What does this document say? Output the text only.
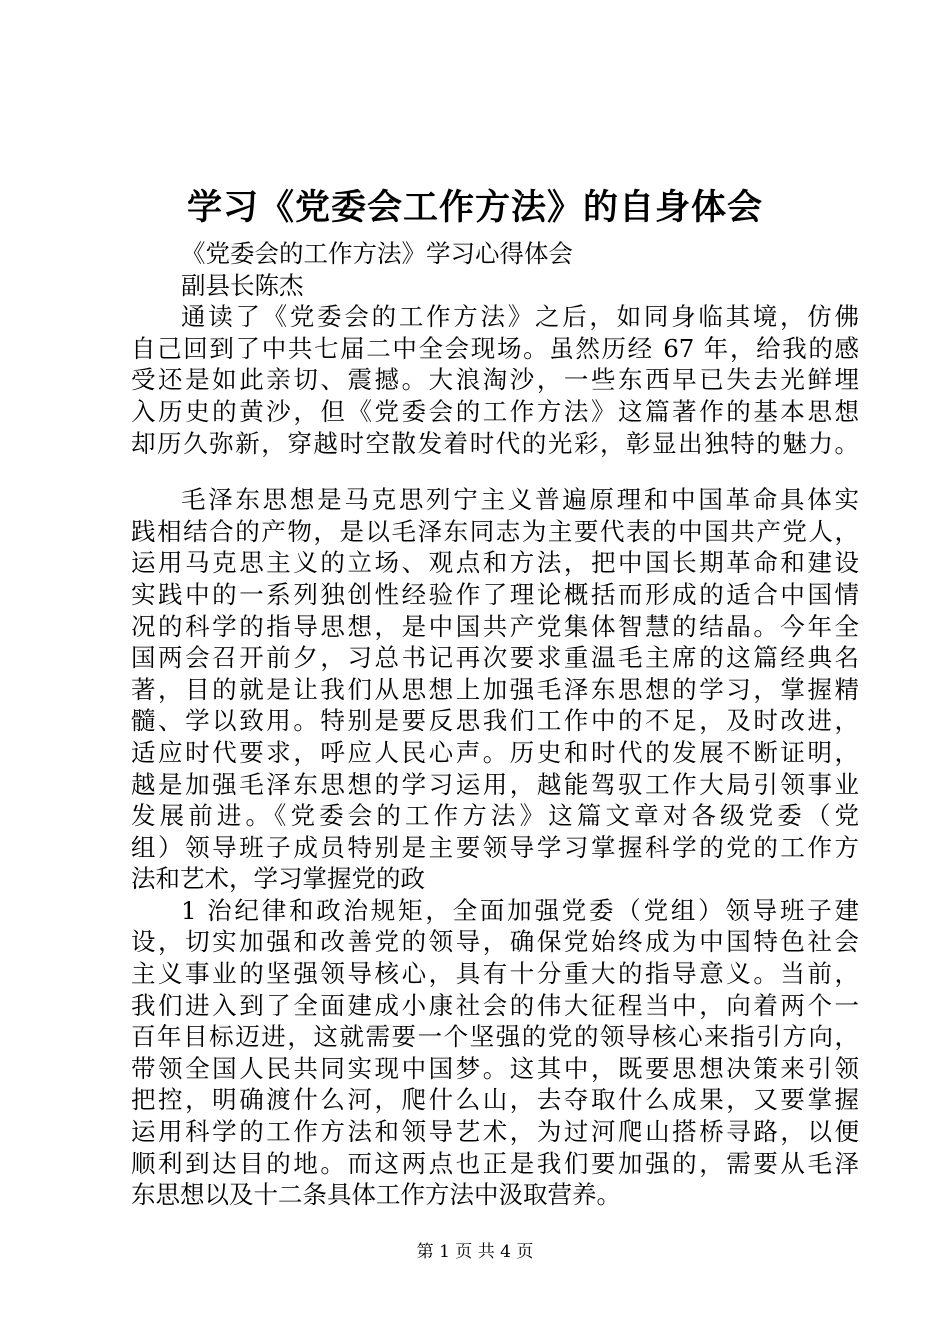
学习《党委会工作方法》的自身体会
《党委会的工作方法》学习心得体会
副县长陈杰
通读了《党委会的工作方法》之后，如同身临其境，仿佛
自己回到了中共七届二中全会现场。虽然历经 67 年，给我的感
受还是如此亲切、震撼。大浪淘沙，一些东西早已失去光鲜埋
入历史的黄沙，但《党委会的工作方法》这篇著作的基本思想
却历久弥新，穿越时空散发着时代的光彩，彰显出独特的魅力。
毛泽东思想是马克思列宁主义普遍原理和中国革命具体实
践相结合的产物，是以毛泽东同志为主要代表的中国共产党人，
运用马克思主义的立场、观点和方法，把中国长期革命和建设
实践中的一系列独创性经验作了理论概括而形成的适合中国情
况的科学的指导思想，是中国共产党集体智慧的结晶。今年全
国两会召开前夕，习总书记再次要求重温毛主席的这篇经典名
著，目的就是让我们从思想上加强毛泽东思想的学习，掌握精
髓、学以致用。特别是要反思我们工作中的不足，及时改进，
适应时代要求，呼应人民心声。历史和时代的发展不断证明，
越是加强毛泽东思想的学习运用，越能驾驭工作大局引领事业
发展前进。《党委会的工作方法》这篇文章对各级党委（党
组）领导班子成员特别是主要领导学习掌握科学的党的工作方
法和艺术，学习掌握党的政
1 治纪律和政治规矩，全面加强党委（党组）领导班子建
设，切实加强和改善党的领导，确保党始终成为中国特色社会
主义事业的坚强领导核心，具有十分重大的指导意义。当前，
我们进入到了全面建成小康社会的伟大征程当中，向着两个一
百年目标迈进，这就需要一个坚强的党的领导核心来指引方向，
带领全国人民共同实现中国梦。这其中，既要思想决策来引领
把控，明确渡什么河，爬什么山，去夺取什么成果，又要掌握
运用科学的工作方法和领导艺术，为过河爬山搭桥寻路，以便
顺利到达目的地。而这两点也正是我们要加强的，需要从毛泽
东思想以及十二条具体工作方法中汲取营养。
第 1 页 共 4 页
